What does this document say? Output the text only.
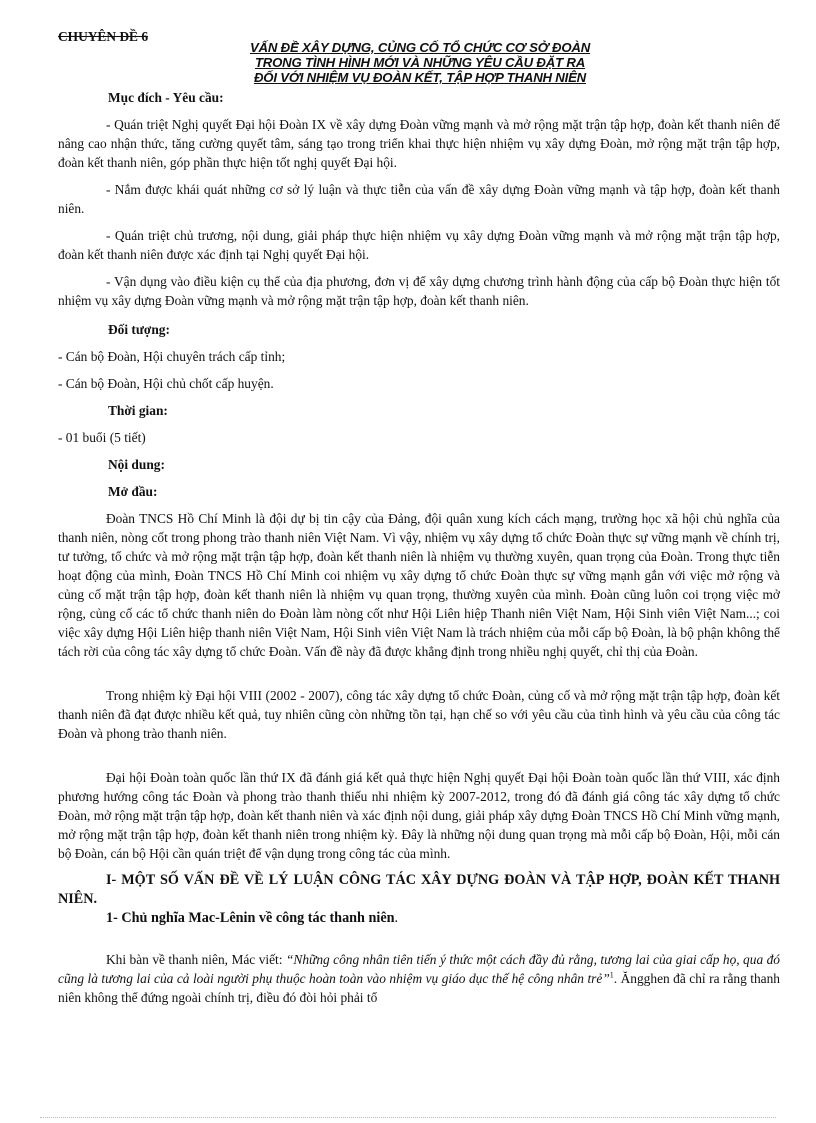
CHUYÊN ĐỀ 6
VẤN ĐỀ XÂY DỰNG, CỦNG CỐ TỔ CHỨC CƠ SỞ ĐOÀN
TRONG TÌNH HÌNH MỚI VÀ NHỮNG YÊU CẦU ĐẶT RA
ĐỐI VỚI NHIỆM VỤ ĐOÀN KẾT, TẬP HỢP THANH NIÊN

Mục đích - Yêu cầu:

- Quán triệt Nghị quyết Đại hội Đoàn IX về xây dựng Đoàn vững mạnh và mở rộng mặt trận tập hợp, đoàn kết thanh niên để nâng cao nhận thức, tăng cường quyết tâm, sáng tạo trong triển khai thực hiện nhiệm vụ xây dựng Đoàn, mở rộng mặt trận tập hợp, đoàn kết thanh niên, góp phần thực hiện tốt nghị quyết Đại hội.

- Nắm được khái quát những cơ sở lý luận và thực tiễn của vấn đề xây dựng Đoàn vững mạnh và tập hợp, đoàn kết thanh niên.

- Quán triệt chủ trương, nội dung, giải pháp thực hiện nhiệm vụ xây dựng Đoàn vững mạnh và mở rộng mặt trận tập hợp, đoàn kết thanh niên được xác định tại Nghị quyết Đại hội.

- Vận dụng vào điều kiện cụ thể của địa phương, đơn vị để xây dựng chương trình hành động của cấp bộ Đoàn thực hiện tốt nhiệm vụ xây dựng Đoàn vững mạnh và mở rộng mặt trận tập hợp, đoàn kết thanh niên.

Đối tượng:

- Cán bộ Đoàn, Hội chuyên trách cấp tỉnh;

- Cán bộ Đoàn, Hội chủ chốt cấp huyện.

Thời gian:

- 01 buổi (5 tiết)

Nội dung:

Mở đầu:

Đoàn TNCS Hồ Chí Minh là đội dự bị tin cậy của Đảng, đội quân xung kích cách mạng, trường học xã hội chủ nghĩa của thanh niên, nòng cốt trong phong trào thanh niên Việt Nam. Vì vậy, nhiệm vụ xây dựng tổ chức Đoàn thực sự vững mạnh về chính trị, tư tưởng, tổ chức và mở rộng mặt trận tập hợp, đoàn kết thanh niên là nhiệm vụ thường xuyên, quan trọng của Đoàn. Trong thực tiễn hoạt động của mình, Đoàn TNCS Hồ Chí Minh coi nhiệm vụ xây dựng tổ chức Đoàn thực sự vững mạnh gắn với việc mở rộng và củng cố mặt trận tập hợp, đoàn kết thanh niên là nhiệm vụ quan trọng, thường xuyên của mình. Đoàn cũng luôn coi trọng việc mở rộng, củng cố các tổ chức thanh niên do Đoàn làm nòng cốt như Hội Liên hiệp Thanh niên Việt Nam, Hội Sinh viên Việt Nam...; coi việc xây dựng Hội Liên hiệp thanh niên Việt Nam, Hội Sinh viên Việt Nam là trách nhiệm của mỗi cấp bộ Đoàn, là bộ phận không thể tách rời của công tác xây dựng tổ chức Đoàn. Vấn đề này đã được khẳng định trong nhiều nghị quyết, chỉ thị của Đoàn.

Trong nhiệm kỳ Đại hội VIII (2002 - 2007), công tác xây dựng tổ chức Đoàn, củng cố và mở rộng mặt trận tập hợp, đoàn kết thanh niên đã đạt được nhiều kết quả, tuy nhiên cũng còn những tồn tại, hạn chế so với yêu cầu của tình hình và yêu cầu của công tác Đoàn và phong trào thanh niên.

Đại hội Đoàn toàn quốc lần thứ IX đã đánh giá kết quả thực hiện Nghị quyết Đại hội Đoàn toàn quốc lần thứ VIII, xác định phương hướng công tác Đoàn và phong trào thanh thiếu nhi nhiệm kỳ 2007-2012, trong đó đã đánh giá công tác xây dựng tổ chức Đoàn, mở rộng mặt trận tập hợp, đoàn kết thanh niên và xác định nội dung, giải pháp xây dựng Đoàn TNCS Hồ Chí Minh vững mạnh, mở rộng mặt trận tập hợp, đoàn kết thanh niên trong nhiệm kỳ. Đây là những nội dung quan trọng mà mỗi cấp bộ Đoàn, Hội, mỗi cán bộ Đoàn, cán bộ Hội cần quán triệt để vận dụng trong công tác của mình.

I- MỘT SỐ VẤN ĐỀ VỀ LÝ LUẬN CÔNG TÁC XÂY DỰNG ĐOÀN VÀ TẬP HỢP, ĐOÀN KẾT THANH NIÊN.

1- Chủ nghĩa Mac-Lênin về công tác thanh niên.

Khi bàn về thanh niên, Mác viết: “Những công nhân tiên tiến ý thức một cách đầy đủ rằng, tương lai của giai cấp họ, qua đó cũng là tương lai của cả loài người phụ thuộc hoàn toàn vào nhiệm vụ giáo dục thế hệ công nhân trẻ”$^1$. Ăngghen đã chỉ ra rằng thanh niên không thể đứng ngoài chính trị, điều đó đòi hỏi phải tổ
